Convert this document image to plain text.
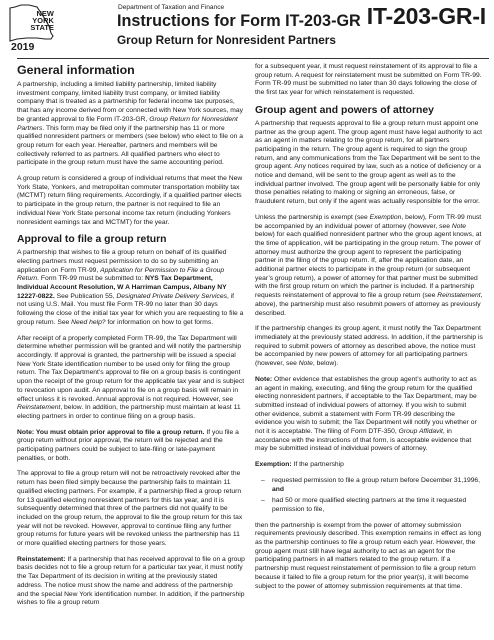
NEW
YORK
STATE
2019
Department of Taxation and Finance
Instructions for Form IT-203-GR
Group Return for Nonresident Partners
IT-203-GR-I
General information

A partnership, including a limited liability partnership, limited liability investment company, limited liability trust company, or limited liability company that is treated as a partnership for federal income tax purposes, that has any income derived from or connected with New York sources, may be granted approval to file Form IT-203-GR, Group Return for Nonresident Partners. This form may be filed only if the partnership has 11 or more qualified nonresident partners or members (see below) who elect to file on a group return for each year. Hereafter, partners and members will be collectively referred to as partners. All qualified partners who elect to participate in the group return must have the same accounting period.

A group return is considered a group of individual returns that meet the New York State, Yonkers, and metropolitan commuter transportation mobility tax (MCTMT) return filing requirements. Accordingly, if a qualified partner elects to participate in the group return, the partner is not required to file an individual New York State personal income tax return (including Yonkers nonresident earnings tax and MCTMT) for the year.

Approval to file a group return

A partnership that wishes to file a group return on behalf of its qualified electing partners must request permission to do so by submitting an application on Form TR-99, Application for Permission to File a Group Return. Form TR-99 must be submitted to: NYS Tax Department, Individual Account Resolution, W A Harriman Campus, Albany NY 12227-0822. See Publication 55, Designated Private Delivery Services, if not using U.S. Mail. You must file Form TR-99 no later than 30 days following the close of the initial tax year for which you are requesting to file a group return. See Need help? for information on how to get forms.

After receipt of a properly completed Form TR-99, the Tax Department will determine whether permission will be granted and will notify the partnership accordingly. If approval is granted, the partnership will be issued a special New York State identification number to be used only for filing the group return. The Tax Department’s approval to file on a group basis is contingent upon the receipt of the group return for the applicable tax year and is subject to revocation upon audit. An approval to file on a group basis will remain in effect unless it is revoked. Annual approval is not required. However, see Reinstatement, below. In addition, the partnership must maintain at least 11 electing partners in order to continue filing on a group basis.

Note: You must obtain prior approval to file a group return. If you file a group return without prior approval, the return will be rejected and the participating partners could be subject to late-filing or late-payment penalties, or both.

The approval to file a group return will not be retroactively revoked after the return has been filed simply because the partnership fails to maintain 11 qualified electing partners. For example, if a partnership filed a group return for 13 qualified electing nonresident partners for this tax year, and it is subsequently determined that three of the partners did not qualify to be included on the group return, the approval to file the group return for this tax year will not be revoked. However, approval to continue filing any further group returns for future years will be revoked unless the partnership has 11 or more qualified electing partners for those years.

Reinstatement: If a partnership that has received approval to file on a group basis decides not to file a group return for a particular tax year, it must notify the Tax Department of its decision in writing at the previously stated address. The notice must show the name and address of the partnership and the special New York identification number. In addition, if the partnership wishes to file a group return

for a subsequent year, it must request reinstatement of its approval to file a group return. A request for reinstatement must be submitted on Form TR-99. Form TR-99 must be submitted no later than 30 days following the close of the first tax year for which reinstatement is requested.

Group agent and powers of attorney

A partnership that requests approval to file a group return must appoint one partner as the group agent. The group agent must have legal authority to act as an agent in matters relating to the group return, for all partners participating in the return. The group agent is required to sign the group return, and any communications from the Tax Department will be sent to the group agent. Any notices required by law, such as a notice of deficiency or a notice and demand, will be sent to the group agent as well as to the individual partner involved. The group agent will be personally liable for only those penalties relating to making or signing an erroneous, false, or fraudulent return, but only if the agent was actually responsible for the error.

Unless the partnership is exempt (see Exemption, below), Form TR-99 must be accompanied by an individual power of attorney (however, see Note below) for each qualified nonresident partner who the group agent knows, at the time of application, will be participating in the group return. The power of attorney must authorize the group agent to represent the participating partner in the filing of the group return. If, after the application date, an additional partner elects to participate in the group return (or subsequent year’s group return), a power of attorney for that partner must be submitted with the first group return on which the partner is included. If a partnership requests reinstatement of approval to file a group return (see Reinstatement, above), the partnership must also resubmit powers of attorney as previously described.

If the partnership changes its group agent, it must notify the Tax Department immediately at the previously stated address. In addition, if the partnership is required to submit powers of attorney as described above, the notice must be accompanied by new powers of attorney for all participating partners (however, see Note, below).

Note: Other evidence that establishes the group agent’s authority to act as an agent in making, executing, and filing the group return for the qualified electing nonresident partners, if acceptable to the Tax Department, may be submitted instead of individual powers of attorney. If you wish to submit other evidence, submit a statement with Form TR-99 describing the evidence you wish to submit; the Tax Department will notify you whether or not it is acceptable. The filing of Form DTF-350, Group Affidavit, in accordance with the instructions of that form, is acceptable evidence that may be submitted instead of individual powers of attorney.

Exemption: If the partnership

– requested permission to file a group return before December 31,1996, and
– had 50 or more qualified electing partners at the time it requested permission to file,

then the partnership is exempt from the power of attorney submission requirements previously described. This exemption remains in effect as long as the partnership continues to file a group return each year. However, the group agent must still have legal authority to act as an agent for the participating partners in all matters related to the group return. If a partnership must request reinstatement of permission to file a group return because it failed to file a group return for the prior year(s), it will become subject to the power of attorney submission requirements at that time.
